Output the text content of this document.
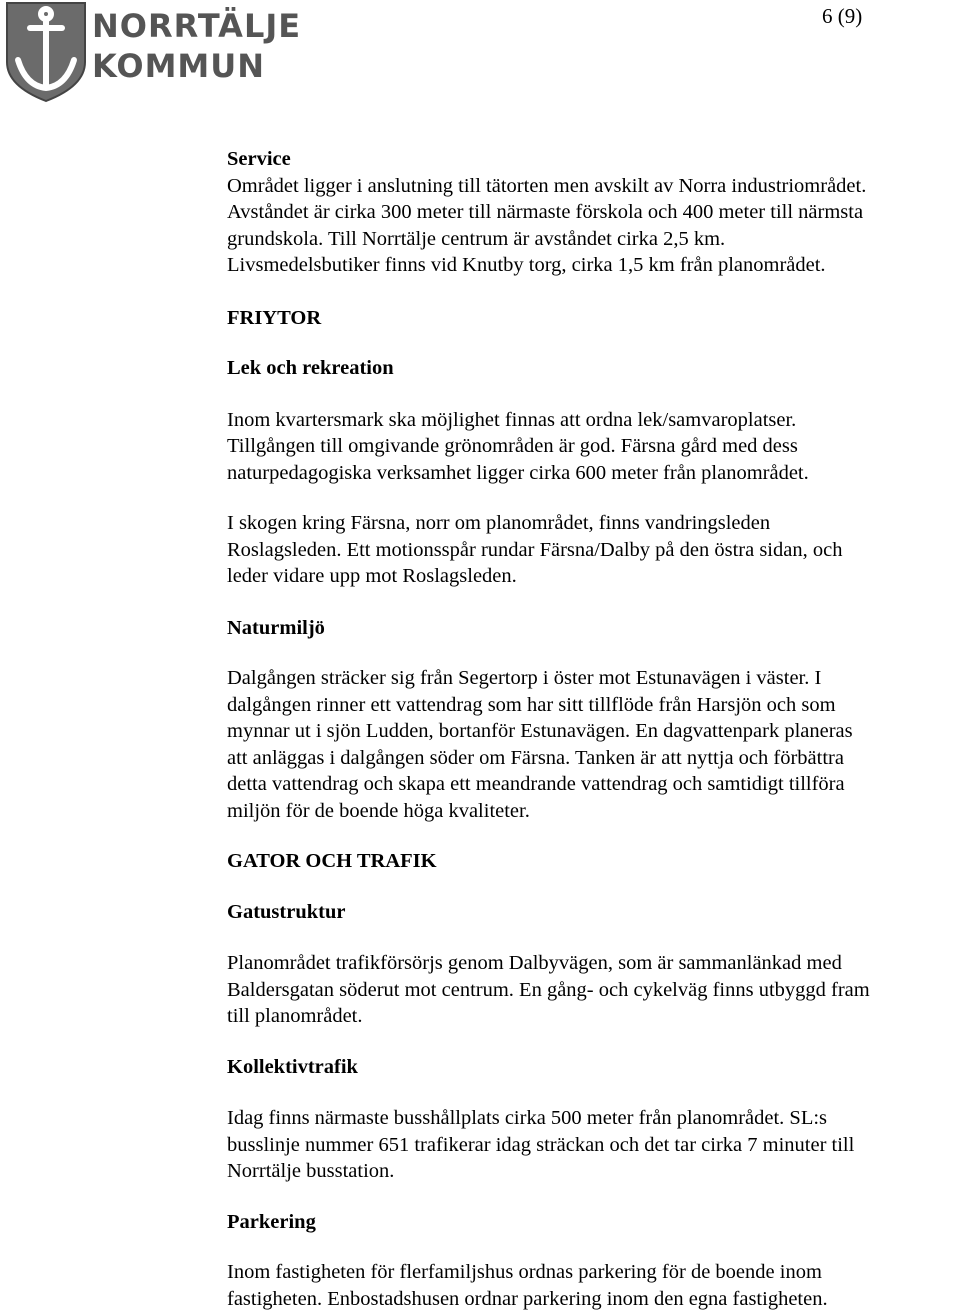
NORRTÄLJE
KOMMUN
6 (9)

Service

Området ligger i anslutning till tätorten men avskilt av Norra industriområdet.

Avståndet är cirka 300 meter till närmaste förskola och 400 meter till närmsta

grundskola. Till Norrtälje centrum är avståndet cirka 2,5 km.

Livsmedelsbutiker finns vid Knutby torg, cirka 1,5 km från planområdet.

FRIYTOR

Lek och rekreation

Inom kvartersmark ska möjlighet finnas att ordna lek/samvaroplatser.

Tillgången till omgivande grönområden är god. Färsna gård med dess

naturpedagogiska verksamhet ligger cirka 600 meter från planområdet.

I skogen kring Färsna, norr om planområdet, finns vandringsleden

Roslagsleden. Ett motionsspår rundar Färsna/Dalby på den östra sidan, och

leder vidare upp mot Roslagsleden.

Naturmiljö

Dalgången sträcker sig från Segertorp i öster mot Estunavägen i väster. I

dalgången rinner ett vattendrag som har sitt tillflöde från Harsjön och som

mynnar ut i sjön Ludden, bortanför Estunavägen. En dagvattenpark planeras

att anläggas i dalgången söder om Färsna. Tanken är att nyttja och förbättra

detta vattendrag och skapa ett meandrande vattendrag och samtidigt tillföra

miljön för de boende höga kvaliteter.

GATOR OCH TRAFIK

Gatustruktur

Planområdet trafikförsörjs genom Dalbyvägen, som är sammanlänkad med

Baldersgatan söderut mot centrum. En gång- och cykelväg finns utbyggd fram

till planområdet.

Kollektivtrafik

Idag finns närmaste busshållplats cirka 500 meter från planområdet. SL:s

busslinje nummer 651 trafikerar idag sträckan och det tar cirka 7 minuter till

Norrtälje busstation.

Parkering

Inom fastigheten för flerfamiljshus ordnas parkering för de boende inom

fastigheten. Enbostadshusen ordnar parkering inom den egna fastigheten.
